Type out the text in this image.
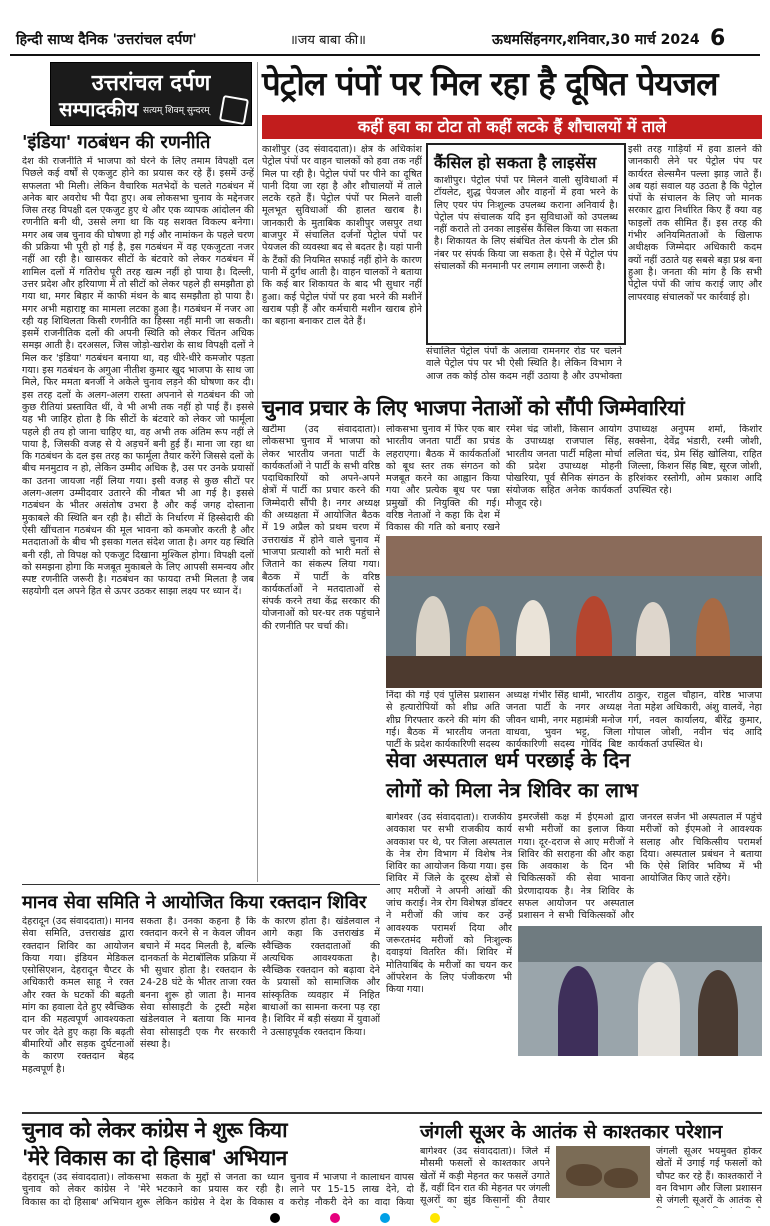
हिन्दी साप्ध दैनिक 'उत्तरांचल दर्पण'	॥जय बाबा की॥	ऊधमसिंहनगर,शनिवार,30 मार्च 2024 6
उत्तरांचल दर्पण
सम्पादकीय सत्यम् शिवम् सुन्दरम्
'इंडिया' गठबंधन की रणनीति
देश की राजनीति में भाजपा को घेरने के लिए तमाम विपक्षी दल पिछले कई वर्षों से एकजुट होने का प्रयास कर रहे हैं। इसमें उन्हें सफलता भी मिली। लेकिन वैचारिक मतभेदों के चलते गठबंधन में अनेक बार अवरोध भी पैदा हुए। अब लोकसभा चुनाव के मद्देनजर जिस तरह विपक्षी दल एकजुट हुए थे और एक व्यापक आंदोलन की रणनीति बनी थी, उससे लगा था कि यह सशक्त विकल्प बनेगा। मगर अब जब चुनाव की घोषणा हो गई और नामांकन के पहले चरण की प्रक्रिया भी पूरी हो गई है, इस गठबंधन में वह एकजुटता नजर नहीं आ रही है। खासकर सीटों के बंटवारे को लेकर गठबंधन में शामिल दलों में गतिरोध पूरी तरह खत्म नहीं हो पाया है। दिल्ली, उत्तर प्रदेश और हरियाणा में तो सीटों को लेकर पहले ही समझौता हो गया था, मगर बिहार में काफी मंथन के बाद समझौता हो पाया है। मगर अभी महाराष्ट्र का मामला लटका हुआ है। गठबंधन में नजर आ रही यह शिथिलता किसी रणनीति का हिस्सा नहीं मानी जा सकती। इसमें राजनीतिक दलों की अपनी स्थिति को लेकर चिंतन अधिक समझ आती है। दरअसल, जिस जोड़ो-खरोश के साथ विपक्षी दलों ने मिल कर 'इंडिया' गठबंधन बनाया था, वह धीरे-धीरे कमजोर पड़ता गया। इस गठबंधन के अगुआ नीतीश कुमार खुद भाजपा के साथ जा मिले, फिर ममता बनर्जी ने अकेले चुनाव लड़ने की घोषणा कर दी। इस तरह दलों के अलग-अलग रास्ता अपनाने से गठबंधन की जो कुछ रीतियां प्रस्तावित थीं, वे भी अभी तक नहीं हो पाई हैं। इससे यह भी जाहिर होता है कि सीटों के बंटवारे को लेकर जो फार्मूला पहले ही तय हो जाना चाहिए था, वह अभी तक अंतिम रूप नहीं ले पाया है, जिसकी वजह से ये अड़चनें बनी हुई हैं। माना जा रहा था कि गठबंधन के दल इस तरह का फार्मूला तैयार करेंगे जिससे दलों के बीच मनमुटाव न हो, लेकिन उम्मीद अधिक है, उस पर उनके प्रयासों का उतना जायजा नहीं लिया गया। इसी वजह से कुछ सीटों पर अलग-अलग उम्मीदवार उतारने की नौबत भी आ गई है। इससे गठबंधन के भीतर असंतोष उभरा है और कई जगह दोस्ताना मुकाबले की स्थिति बन रही है। सीटों के निर्धारण में हिस्सेदारी की ऐसी खींचतान गठबंधन की मूल भावना को कमजोर करती है और मतदाताओं के बीच भी इसका गलत संदेश जाता है। अगर यह स्थिति बनी रही, तो विपक्ष को एकजुट दिखाना मुश्किल होगा। विपक्षी दलों को समझना होगा कि मजबूत मुकाबले के लिए आपसी समन्वय और स्पष्ट रणनीति जरूरी है। गठबंधन का फायदा तभी मिलता है जब सहयोगी दल अपने हित से ऊपर उठकर साझा लक्ष्य पर ध्यान दें।
पेट्रोल पंपों पर मिल रहा है दूषित पेयजल
कहीं हवा का टोटा तो कहीं लटके हैं शौचालयों में ताले
काशीपुर (उद संवाददाता)। क्षेत्र के अधिकांश पेट्रोल पंपों पर वाहन चालकों को हवा तक नहीं मिल पा रही है। पेट्रोल पंपों पर पीने का दूषित पानी दिया जा रहा है और शौचालयों में ताले लटके रहते हैं। पेट्रोल पंपों पर मिलने वाली मूलभूत सुविधाओं की हालत खराब है। जानकारी के मुताबिक काशीपुर जसपुर तथा बाजपुर में संचालित दर्जनों पेट्रोल पंपों पर पेयजल की व्यवस्था बद से बदतर है। यहां पानी के टैंकों की नियमित सफाई नहीं होने के कारण पानी में दुर्गंध आती है। वाहन चालकों ने बताया कि कई बार शिकायत के बाद भी सुधार नहीं हुआ। कई पेट्रोल पंपों पर हवा भरने की मशीनें खराब पड़ी हैं और कर्मचारी मशीन खराब होने का बहाना बनाकर टाल देते हैं।
कैंसिल हो सकता है लाइसेंस
काशीपुर। पेट्रोल पंपों पर मिलने वाली सुविधाओं में टॉयलेट, शुद्ध पेयजल और वाहनों में हवा भरने के लिए एयर पंप निःशुल्क उपलब्ध कराना अनिवार्य है। पेट्रोल पंप संचालक यदि इन सुविधाओं को उपलब्ध नहीं कराते तो उनका लाइसेंस कैंसिल किया जा सकता है। शिकायत के लिए संबंधित तेल कंपनी के टोल फ्री नंबर पर संपर्क किया जा सकता है। ऐसे में पेट्रोल पंप संचालकों की मनमानी पर लगाम लगाना जरूरी है।
इसी तरह गाड़ियों में हवा डालने की जानकारी लेने पर पेट्रोल पंप पर कार्यरत सेल्समैन पल्ला झाड़ जाते हैं। अब यहां सवाल यह उठता है कि पेट्रोल पंपों के संचालन के लिए जो मानक सरकार द्वारा निर्धारित किए हैं क्या वह फाइलों तक सीमित हैं। इस तरह की गंभीर अनियमितताओं के खिलाफ अधीक्षक जिम्मेदार अधिकारी कदम क्यों नहीं उठाते यह सबसे बड़ा प्रश्न बना हुआ है। जनता की मांग है कि सभी पेट्रोल पंपों की जांच कराई जाए और लापरवाह संचालकों पर कार्रवाई हो।
संचालित पेट्रोल पंपों के अलावा रामनगर रोड पर चलने वाले पेट्रोल पंप पर भी ऐसी स्थिति है। लेकिन विभाग ने आज तक कोई ठोस कदम नहीं उठाया है और उपभोक्ता
चुनाव प्रचार के लिए भाजपा नेताओं को सौंपी जिम्मेवारियां
खटीमा (उद संवाददाता)। लोकसभा चुनाव में भाजपा को लेकर भारतीय जनता पार्टी के कार्यकर्ताओं ने पार्टी के सभी वरिष्ठ पदाधिकारियों को अपने-अपने क्षेत्रों में पार्टी का प्रचार करने की जिम्मेदारी सौंपी है। नगर अध्यक्ष की अध्यक्षता में आयोजित बैठक में 19 अप्रैल को प्रथम चरण में उत्तराखंड में होने वाले चुनाव में भाजपा प्रत्याशी को भारी मतों से जिताने का संकल्प लिया गया। बैठक में पार्टी के वरिष्ठ कार्यकर्ताओं ने मतदाताओं से संपर्क करने तथा केंद्र सरकार की योजनाओं को घर-घर तक पहुंचाने की रणनीति पर चर्चा की।
लोकसभा चुनाव में फिर एक बार भारतीय जनता पार्टी का प्रचंड लहराएगा। बैठक में कार्यकर्ताओं को बूथ स्तर तक संगठन को मजबूत करने का आह्वान किया गया और प्रत्येक बूथ पर पन्ना प्रमुखों की नियुक्ति की गई। वरिष्ठ नेताओं ने कहा कि देश में विकास की गति को बनाए रखने
रमेश चंद्र जोशी, किसान आयोग के उपाध्यक्ष राजपाल सिंह, भारतीय जनता पार्टी महिला मोर्चा की प्रदेश उपाध्यक्ष मोहनी पोखरिया, पूर्व सैनिक संगठन के संयोजक सहित अनेक कार्यकर्ता मौजूद रहे।
उपाध्यक्ष अनुपम शर्मा, किशोर सक्सेना, देवेंद्र भंडारी, रश्मी जोशी, ललिता चंद, प्रेम सिंह खोलिया, राहित जिल्ला, किशन सिंह बिष्ट, सूरज जोशी, हरिशंकर रस्तोगी, ओम प्रकाश आदि उपस्थित रहे।
निंदा की गई एवं पुलिस प्रशासन से हत्यारोपियों को शीघ्र अति शीघ्र गिरफ्तार करने की मांग की गई। बैठक में भारतीय जनता पार्टी के प्रदेश कार्यकारिणी सदस्य
अध्यक्ष गंभीर सिंह धामी, भारतीय जनता पार्टी के नगर अध्यक्ष जीवन धामी, नगर महामंत्री मनोज वाधवा, भुवन भट्ट, जिला कार्यकारिणी सदस्य गोविंद बिष्ट
ठाकुर, राहुल चौहान, वरिष्ठ भाजपा नेता महेश अधिकारी, अंशु वालवें, नेहा गर्ग, नवल कार्यालय, बीरेंद्र कुमार, गोपाल जोशी, नवीन चंद आदि कार्यकर्ता उपस्थित थे।
सेवा अस्पताल धर्म परछाई के दिन
लोगों को मिला नेत्र शिविर का लाभ
बागेश्वर (उद संवाददाता)। राजकीय अवकाश पर सभी राजकीय कार्य अवकाश पर थे, पर जिला अस्पताल के नेत्र रोग विभाग में विशेष नेत्र शिविर का आयोजन किया गया। इस शिविर में जिले के दूरस्थ क्षेत्रों से आए मरीजों ने अपनी आंखों की जांच कराई। नेत्र रोग विशेषज्ञ डॉक्टर ने मरीजों की जांच कर उन्हें आवश्यक परामर्श दिया और जरूरतमंद मरीजों को निःशुल्क दवाइयां वितरित कीं। शिविर में मोतियाबिंद के मरीजों का चयन कर ऑपरेशन के लिए पंजीकरण भी किया गया।
इमरजेंसी कक्ष में ईएमओ द्वारा सभी मरीजों का इलाज किया गया। दूर-दराज से आए मरीजों ने शिविर की सराहना की और कहा कि अवकाश के दिन भी चिकित्सकों की सेवा भावना प्रेरणादायक है। नेत्र शिविर के सफल आयोजन पर अस्पताल प्रशासन ने सभी चिकित्सकों और
जनरल सर्जन भी अस्पताल में पहुंचे मरीजों को ईएमओ ने आवश्यक सलाह और चिकित्सीय परामर्श दिया। अस्पताल प्रबंधन ने बताया कि ऐसे शिविर भविष्य में भी आयोजित किए जाते रहेंगे।
मानव सेवा समिति ने आयोजित किया रक्तदान शिविर
देहरादून (उद संवाददाता)। मानव सेवा समिति, उत्तराखंड द्वारा रक्तदान शिविर का आयोजन किया गया। इंडियन मेडिकल एसोसिएशन, देहरादून चैप्टर के अधिकारी कमल साहू ने रक्त और रक्त के घटकों की बढ़ती मांग का हवाला देते हुए स्वैच्छिक दान की महत्वपूर्ण आवश्यकता पर जोर देते हुए कहा कि बढ़ती बीमारियों और सड़क दुर्घटनाओं के कारण रक्तदान बेहद महत्वपूर्ण है।
सकता है। उनका कहना है कि रक्तदान करने से न केवल जीवन बचाने में मदद मिलती है, बल्कि दानकर्ता के मेटाबॉलिक प्रक्रिया में भी सुधार होता है। रक्तदान के 24-28 घंटे के भीतर ताजा रक्त बनना शुरू हो जाता है। मानव सेवा सोसाइटी के ट्रस्टी महेश खंडेलवाल ने बताया कि मानव सेवा सोसाइटी एक गैर सरकारी संस्था है।
के कारण होता है। खंडेलवाल ने आगे कहा कि उत्तराखंड में स्वैच्छिक रक्तदाताओं की अत्यधिक आवश्यकता है। स्वैच्छिक रक्तदान को बढ़ावा देने के प्रयासों को सामाजिक और सांस्कृतिक व्यवहार में निहित बाधाओं का सामना करना पड़ रहा है। शिविर में बड़ी संख्या में युवाओं ने उत्साहपूर्वक रक्तदान किया।
चुनाव को लेकर कांग्रेस ने शुरू किया
'मेरे विकास का दो हिसाब' अभियान
देहरादून (उद संवाददाता)। लोकसभा चुनाव को लेकर कांग्रेस ने 'मेरे विकास का दो हिसाब' अभियान शुरू
सकता के मुद्दों से जनता का ध्यान भटकाने का प्रयास कर रही है। लेकिन कांग्रेस ने देश के विकास व
चुनाव में भाजपा ने कालाधन वापस लाने पर 15-15 लाख देने, दो करोड़ नौकरी देने का वादा किया
जंगली सूअर के आतंक से काश्तकार परेशान
बागेश्वर (उद संवाददाता)। जिले में मौसमी फसलों से काश्तकार अपने खेतों में कड़ी मेहनत कर फसलें उगाते हैं, वहीं दिन रात की मेहनत पर जंगली सूअरों का झुंड किसानों की तैयार
जंगली सूअर भयमुक्त होकर खेतों में उगाई गई फसलों को चौपट कर रहे हैं। काश्तकारों ने वन विभाग और जिला प्रशासन से जंगली सूअरों के आतंक से
